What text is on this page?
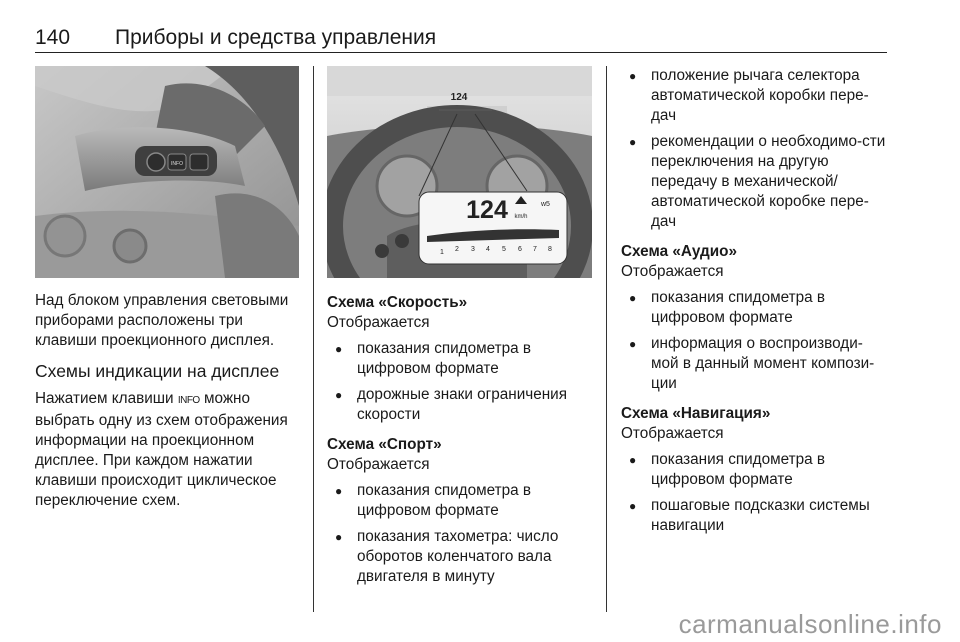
140 Приборы и средства управления
INFO
124
124 km/h
w5
1 2 3 4 5 6 7 8

Над блоком управления световыми приборами расположены три клавиши проекционного дисплея.

Схемы индикации на дисплее

Нажатием клавиши INFO можно выбрать одну из схем отображения информации на проекционном дисплее. При каждом нажатии клавиши происходит циклическое переключение схем.

Схема «Скорость»

Отображается

● показания спидометра в цифровом формате
● дорожные знаки ограничения скорости

Схема «Спорт»

Отображается

● показания спидометра в цифровом формате
● показания тахометра: число оборотов коленчатого вала двигателя в минуту
● положение рычага селектора автоматической коробки пере-дач
● рекомендации о необходимо-сти переключения на другую передачу в механической/ автоматической коробке пере-дач

Схема «Аудио»

Отображается

● показания спидометра в цифровом формате
● информация о воспроизводи-мой в данный момент компози-ции

Схема «Навигация»

Отображается

● показания спидометра в цифровом формате
● пошаговые подсказки системы навигации
carmanualsonline.info
